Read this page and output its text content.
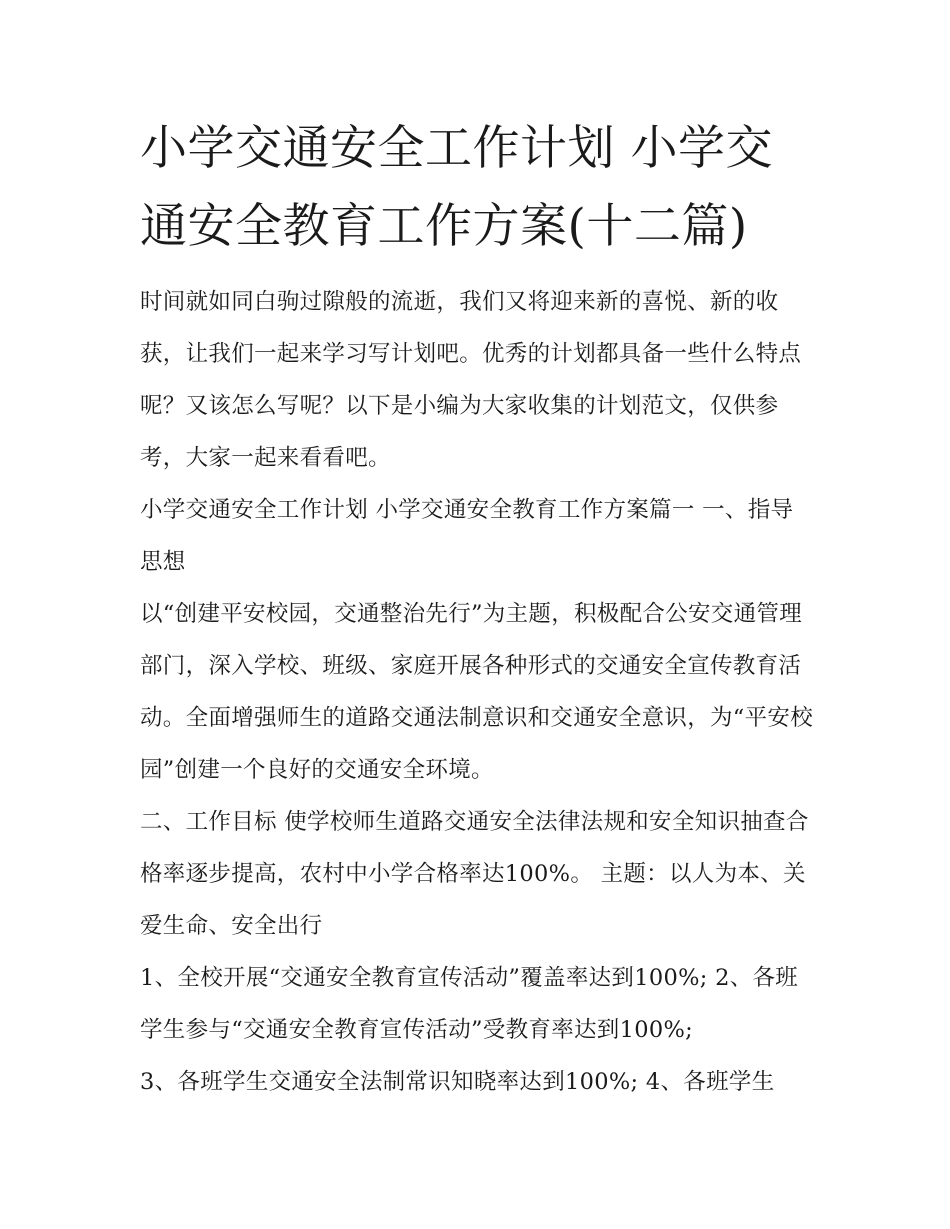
小学交通安全工作计划 小学交通安全教育工作方案(十二篇)

时间就如同白驹过隙般的流逝，我们又将迎来新的喜悦、新的收获，让我们一起来学习写计划吧。优秀的计划都具备一些什么特点呢？又该怎么写呢？以下是小编为大家收集的计划范文，仅供参考，大家一起来看看吧。

小学交通安全工作计划 小学交通安全教育工作方案篇一 一、指导思想

以“创建平安校园，交通整治先行”为主题，积极配合公安交通管理部门，深入学校、班级、家庭开展各种形式的交通安全宣传教育活动。全面增强师生的道路交通法制意识和交通安全意识，为“平安校园”创建一个良好的交通安全环境。

二、工作目标 使学校师生道路交通安全法律法规和安全知识抽查合格率逐步提高，农村中小学合格率达100%。 主题：以人为本、关爱生命、安全出行

1、全校开展“交通安全教育宣传活动”覆盖率达到100%; 2、各班学生参与“交通安全教育宣传活动”受教育率达到100%;

3、各班学生交通安全法制常识知晓率达到100%; 4、各班学生
